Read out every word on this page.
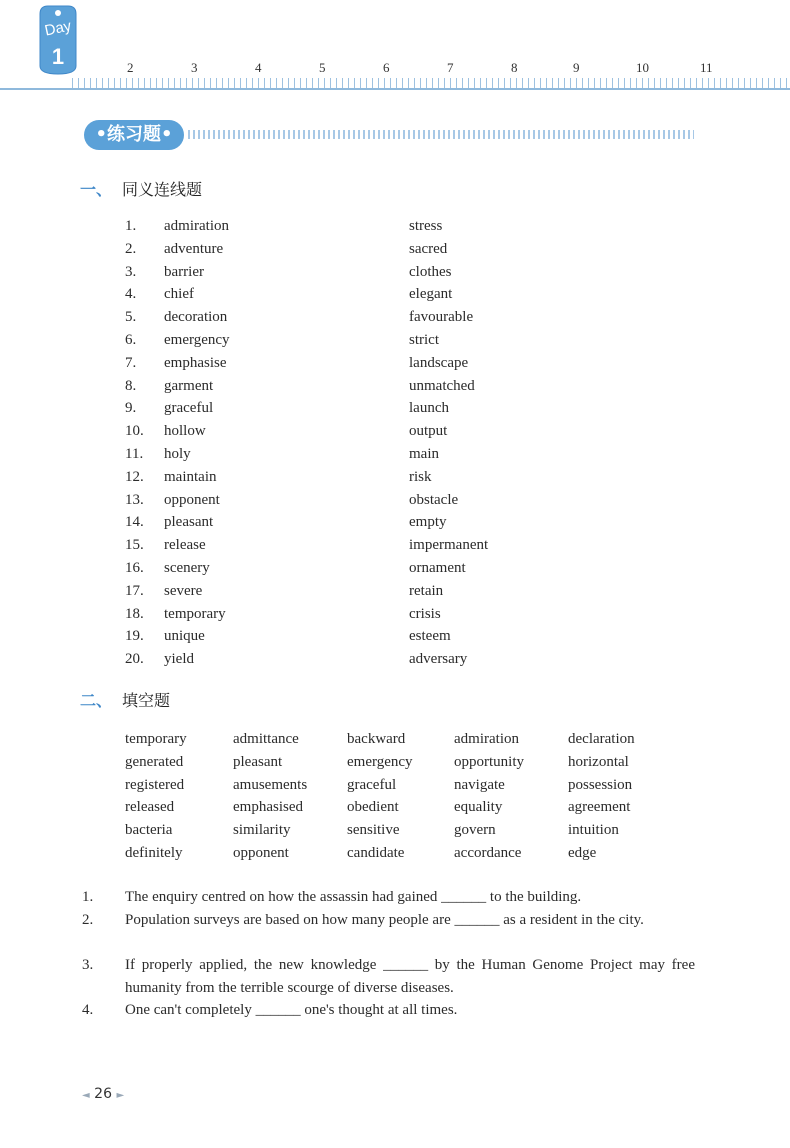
2	3	4	5	6	7	8	9	10	11
Day
1
•练习题•
一、 同义连线题
1.	admiration	stress
2.	adventure	sacred
3.	barrier	clothes
4.	chief	elegant
5.	decoration	favourable
6.	emergency	strict
7.	emphasise	landscape
8.	garment	unmatched
9.	graceful	launch
10.	hollow	output
11.	holy	main
12.	maintain	risk
13.	opponent	obstacle
14.	pleasant	empty
15.	release	impermanent
16.	scenery	ornament
17.	severe	retain
18.	temporary	crisis
19.	unique	esteem
20.	yield	adversary
二、 填空题
temporary	admittance	backward	admiration	declaration
generated	pleasant	emergency	opportunity	horizontal
registered	amusements	graceful	navigate	possession
released	emphasised	obedient	equality	agreement
bacteria	similarity	sensitive	govern	intuition
definitely	opponent	candidate	accordance	edge
1. The enquiry centred on how the assassin had gained ______ to the building.
2. Population surveys are based on how many people are ______ as a resident in the city.
3. If properly applied, the new knowledge ______ by the Human Genome Project may free humanity from the terrible scourge of diverse diseases.
4. One can't completely ______ one's thought at all times.
◄ 26 ►
